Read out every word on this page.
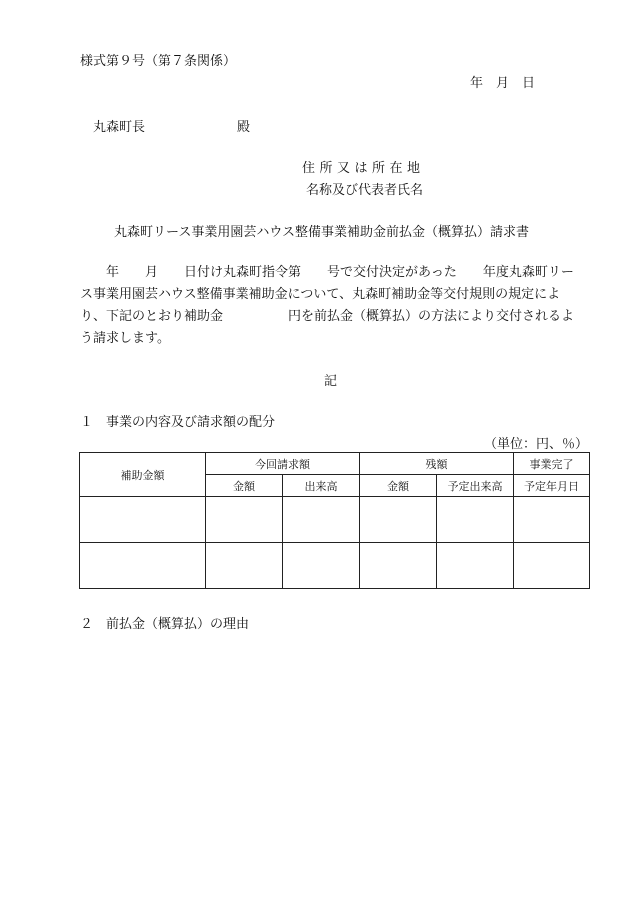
様式第９号（第７条関係）
年　月　日
丸森町長	殿
住所又は所在地
名称及び代表者氏名
丸森町リース事業用園芸ハウス整備事業補助金前払金（概算払）請求書
　　年　　月　　日付け丸森町指令第　　号で交付決定があった　　年度丸森町リース事業用園芸ハウス整備事業補助金について、丸森町補助金等交付規則の規定により、下記のとおり補助金　　　　　円を前払金（概算払）の方法により交付されるよう請求します。
記
１　事業の内容及び請求額の配分
（単位：円、％）
補助金額	今回請求額		残額		事業完了
	金額	出来高	金額	予定出来高	予定年月日

２　前払金（概算払）の理由
